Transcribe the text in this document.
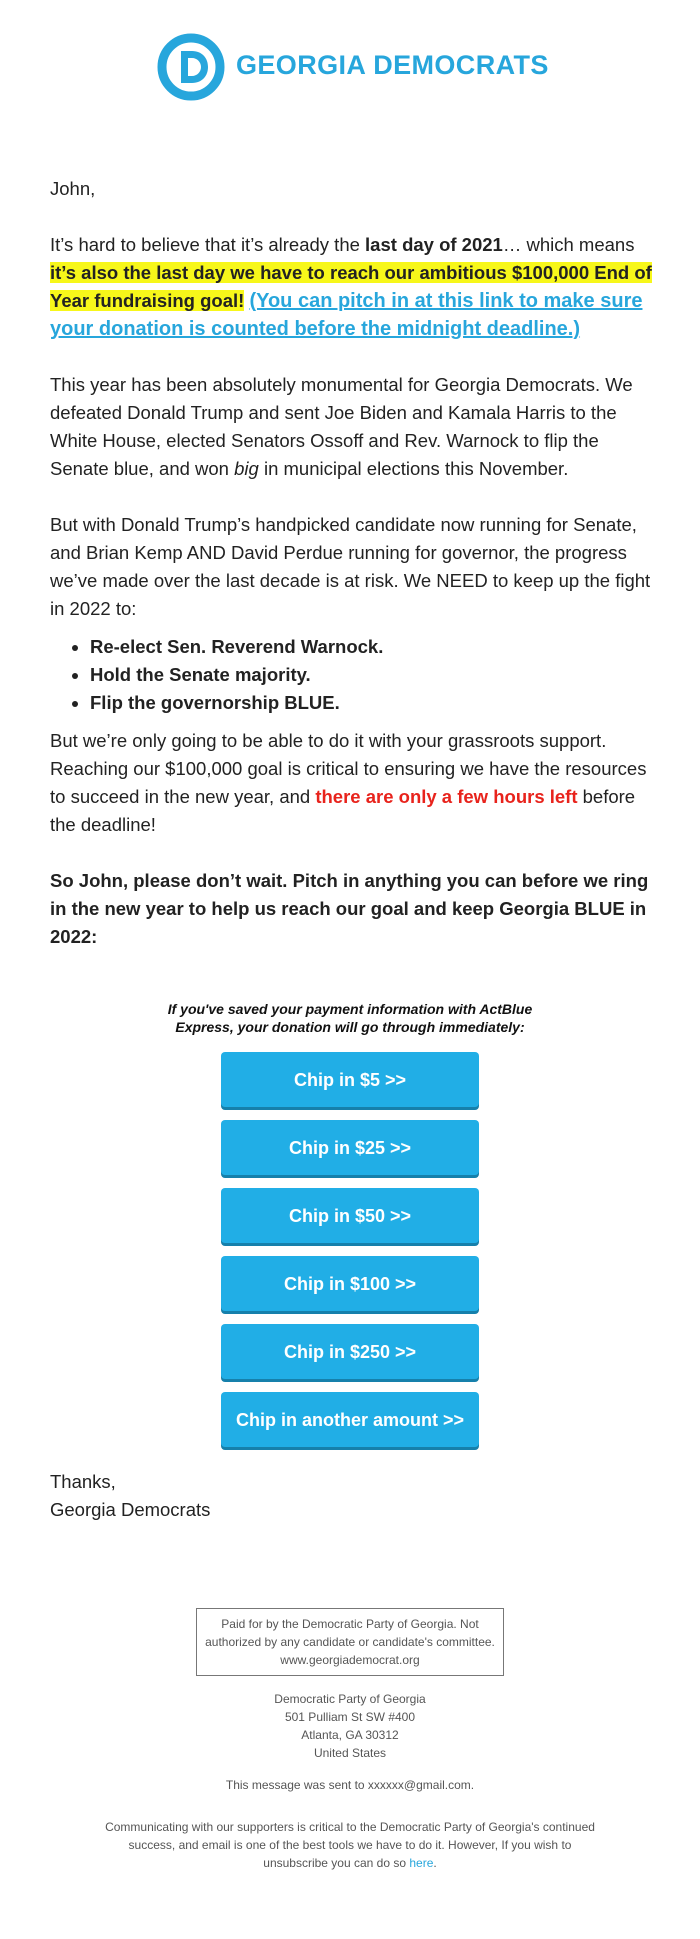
GEORGIA DEMOCRATS

John,

It’s hard to believe that it’s already the last day of 2021… which means it’s also the last day we have to reach our ambitious $100,000 End of Year fundraising goal! (You can pitch in at this link to make sure your donation is counted before the midnight deadline.)

This year has been absolutely monumental for Georgia Democrats. We defeated Donald Trump and sent Joe Biden and Kamala Harris to the White House, elected Senators Ossoff and Rev. Warnock to flip the Senate blue, and won big in municipal elections this November.

But with Donald Trump’s handpicked candidate now running for Senate, and Brian Kemp AND David Perdue running for governor, the progress we’ve made over the last decade is at risk. We NEED to keep up the fight in 2022 to:

• Re-elect Sen. Reverend Warnock.
• Hold the Senate majority.
• Flip the governorship BLUE.

But we’re only going to be able to do it with your grassroots support. Reaching our $100,000 goal is critical to ensuring we have the resources to succeed in the new year, and there are only a few hours left before the deadline!

So John, please don’t wait. Pitch in anything you can before we ring in the new year to help us reach our goal and keep Georgia BLUE in 2022:

If you've saved your payment information with ActBlue Express, your donation will go through immediately:
Chip in $5 >>
Chip in $25 >>
Chip in $50 >>
Chip in $100 >>
Chip in $250 >>
Chip in another amount >>
Thanks,
Georgia Democrats
Paid for by the Democratic Party of Georgia. Not authorized by any candidate or candidate's committee. www.georgiademocrat.org
Democratic Party of Georgia
501 Pulliam St SW #400
Atlanta, GA 30312
United States
This message was sent to xxxxxx@gmail.com.
Communicating with our supporters is critical to the Democratic Party of Georgia's continued success, and email is one of the best tools we have to do it. However, If you wish to unsubscribe you can do so here.
